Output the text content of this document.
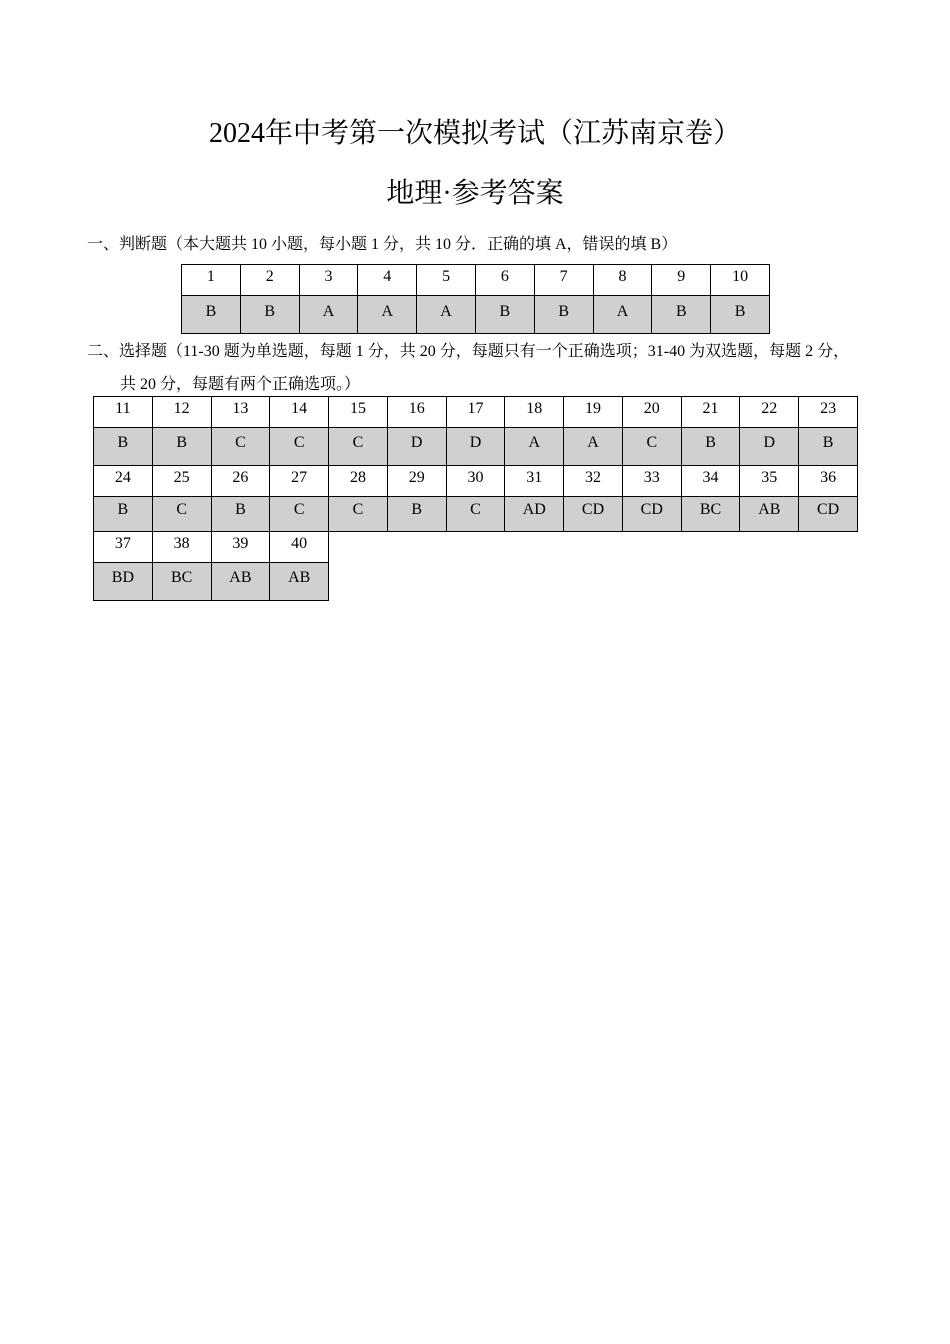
2024年中考第一次模拟考试（江苏南京卷）
地理·参考答案
一、判断题（本大题共 10 小题，每小题 1 分，共 10 分．正确的填 A，错误的填 B）
1	2	3	4	5	6	7	8	9	10
B	B	A	A	A	B	B	A	B	B
二、选择题（11-30 题为单选题，每题 1 分，共 20 分，每题只有一个正确选项；31-40 为双选题，每题 2 分，
共 20 分，每题有两个正确选项。）
11	12	13	14	15	16	17	18	19	20	21	22	23
B	B	C	C	C	D	D	A	A	C	B	D	B
24	25	26	27	28	29	30	31	32	33	34	35	36
B	C	B	C	C	B	C	AD	CD	CD	BC	AB	CD
37	38	39	40									
BD	BC	AB	AB									
